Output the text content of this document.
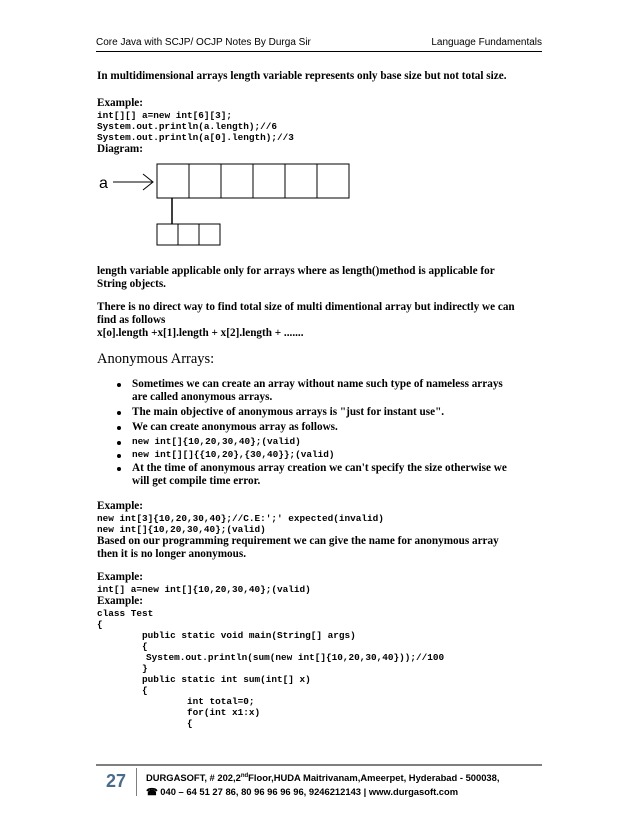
Core Java with SCJP/ OCJP Notes By Durga Sir	Language Fundamentals

In multidimensional arrays length variable represents only base size but not total size.

Example:

int[][] a=new int[6][3];
System.out.println(a.length);//6
System.out.println(a[0].length);//3

Diagram:

a

length variable applicable only for arrays where as length()method is applicable for

String objects.

There is no direct way to find total size of multi dimentional array but indirectly we can

find as follows

x[o].length +x[1].length + x[2].length + .......

Anonymous Arrays:
Sometimes we can create an array without name such type of nameless arrays
are called anonymous arrays.
The main objective of anonymous arrays is "just for instant use".
We can create anonymous array as follows.
new int[]{10,20,30,40};(valid)
new int[][]{{10,20},{30,40}};(valid)
At the time of anonymous array creation we can't specify the size otherwise we
will get compile time error.

Example:

new int[3]{10,20,30,40};//C.E:';' expected(invalid)
new int[]{10,20,30,40};(valid)

Based on our programming requirement we can give the name for anonymous array

then it is no longer anonymous.

Example:

int[] a=new int[]{10,20,30,40};(valid)

Example:

class Test
{
public static void main(String[] args)
{
System.out.println(sum(new int[]{10,20,30,40}));//100
}
public static int sum(int[] x)
{
int total=0;
for(int x1:x)
{
27	DURGASOFT, # 202,2ndFloor,HUDA Maitrivanam,Ameerpet, Hyderabad - 500038,
☎ 040 – 64 51 27 86, 80 96 96 96 96, 9246212143 | www.durgasoft.com
